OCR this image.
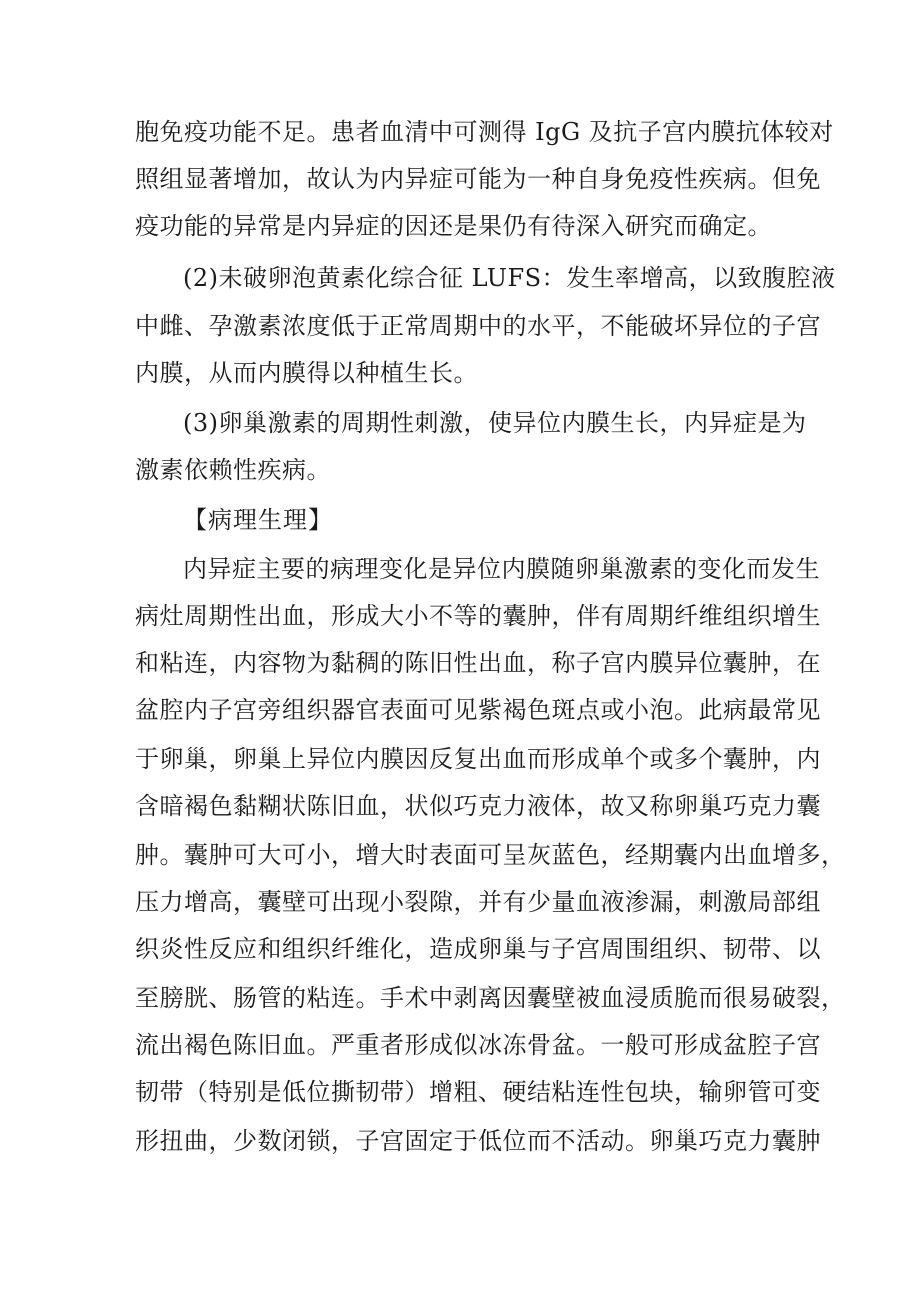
胞免疫功能不足。患者血清中可测得 IgG 及抗子宫内膜抗体较对
照组显著增加，故认为内异症可能为一种自身免疫性疾病。但免
疫功能的异常是内异症的因还是果仍有待深入研究而确定。
(2)未破卵泡黄素化综合征 LUFS：发生率增高，以致腹腔液
中雌、孕激素浓度低于正常周期中的水平，不能破坏异位的子宫
内膜，从而内膜得以种植生长。
(3)卵巢激素的周期性刺激，使异位内膜生长，内异症是为
激素依赖性疾病。
【病理生理】
内异症主要的病理变化是异位内膜随卵巢激素的变化而发生
病灶周期性出血，形成大小不等的囊肿，伴有周期纤维组织增生
和粘连，内容物为黏稠的陈旧性出血，称子宫内膜异位囊肿，在
盆腔内子宫旁组织器官表面可见紫褐色斑点或小泡。此病最常见
于卵巢，卵巢上异位内膜因反复出血而形成单个或多个囊肿，内
含暗褐色黏糊状陈旧血，状似巧克力液体，故又称卵巢巧克力囊
肿。囊肿可大可小，增大时表面可呈灰蓝色，经期囊内出血增多，
压力增高，囊壁可出现小裂隙，并有少量血液渗漏，刺激局部组
织炎性反应和组织纤维化，造成卵巢与子宫周围组织、韧带、以
至膀胱、肠管的粘连。手术中剥离因囊壁被血浸质脆而很易破裂，
流出褐色陈旧血。严重者形成似冰冻骨盆。一般可形成盆腔子宫
韧带（特别是低位撕韧带）增粗、硬结粘连性包块，输卵管可变
形扭曲，少数闭锁，子宫固定于低位而不活动。卵巢巧克力囊肿
